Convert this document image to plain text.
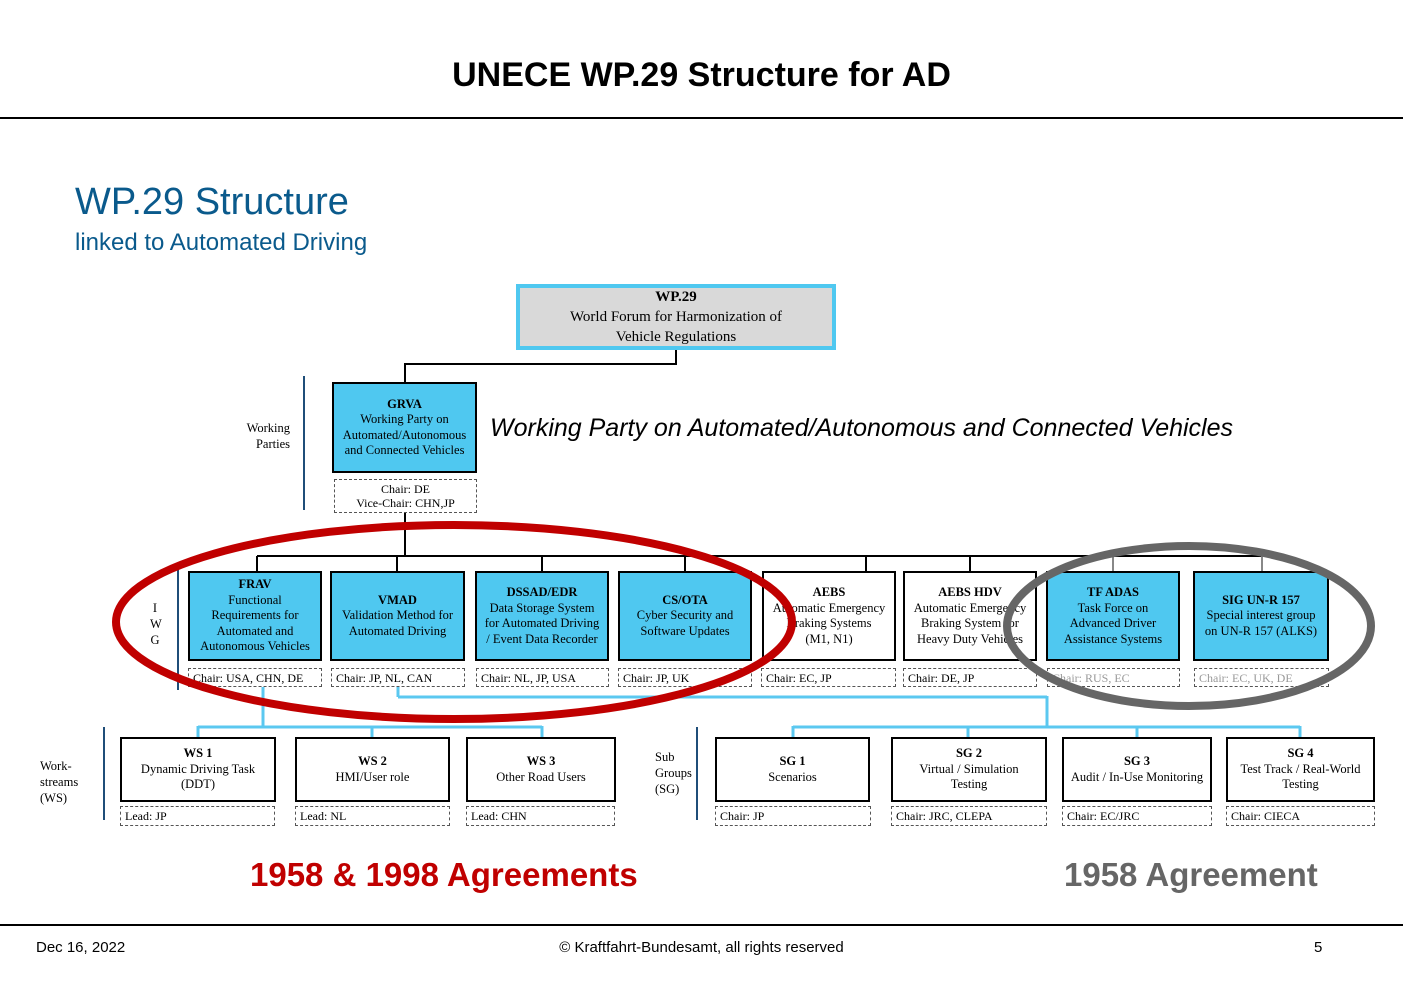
UNECE WP.29 Structure for AD
WP.29 Structure
linked to Automated Driving
WP.29
World Forum for Harmonization of
Vehicle Regulations
Working
Parties
GRVA
Working Party on
Automated/Autonomous
and Connected Vehicles
Chair: DE
Vice-Chair: CHN,JP
Working Party on Automated/Autonomous and Connected Vehicles
I
W
G
FRAV
Functional
Requirements for
Automated and
Autonomous Vehicles
VMAD
Validation Method for
Automated Driving
DSSAD/EDR
Data Storage System
for Automated Driving
/ Event Data Recorder
CS/OTA
Cyber Security and
Software Updates
AEBS
Automatic Emergency
Braking Systems
(M1, N1)
AEBS HDV
Automatic Emergency
Braking System for
Heavy Duty Vehicles
TF ADAS
Task Force on
Advanced Driver
Assistance Systems
SIG UN-R 157
Special interest group
on UN-R 157 (ALKS)
Chair: USA, CHN, DE	Chair: JP, NL, CAN	Chair: NL, JP, USA	Chair: JP, UK	Chair: EC, JP	Chair: DE, JP	Chair: RUS, EC	Chair: EC, UK, DE
Work-
streams
(WS)
WS 1
Dynamic Driving Task
(DDT)
WS 2
HMI/User role
WS 3
Other Road Users
Lead: JP	Lead: NL	Lead: CHN
Sub
Groups
(SG)
SG 1
Scenarios
SG 2
Virtual / Simulation
Testing
SG 3
Audit / In-Use Monitoring
SG 4
Test Track / Real-World
Testing
Chair: JP	Chair: JRC, CLEPA	Chair: EC/JRC	Chair: CIECA
1958 & 1998 Agreements	1958 Agreement
Dec 16, 2022	© Kraftfahrt-Bundesamt, all rights reserved	5
